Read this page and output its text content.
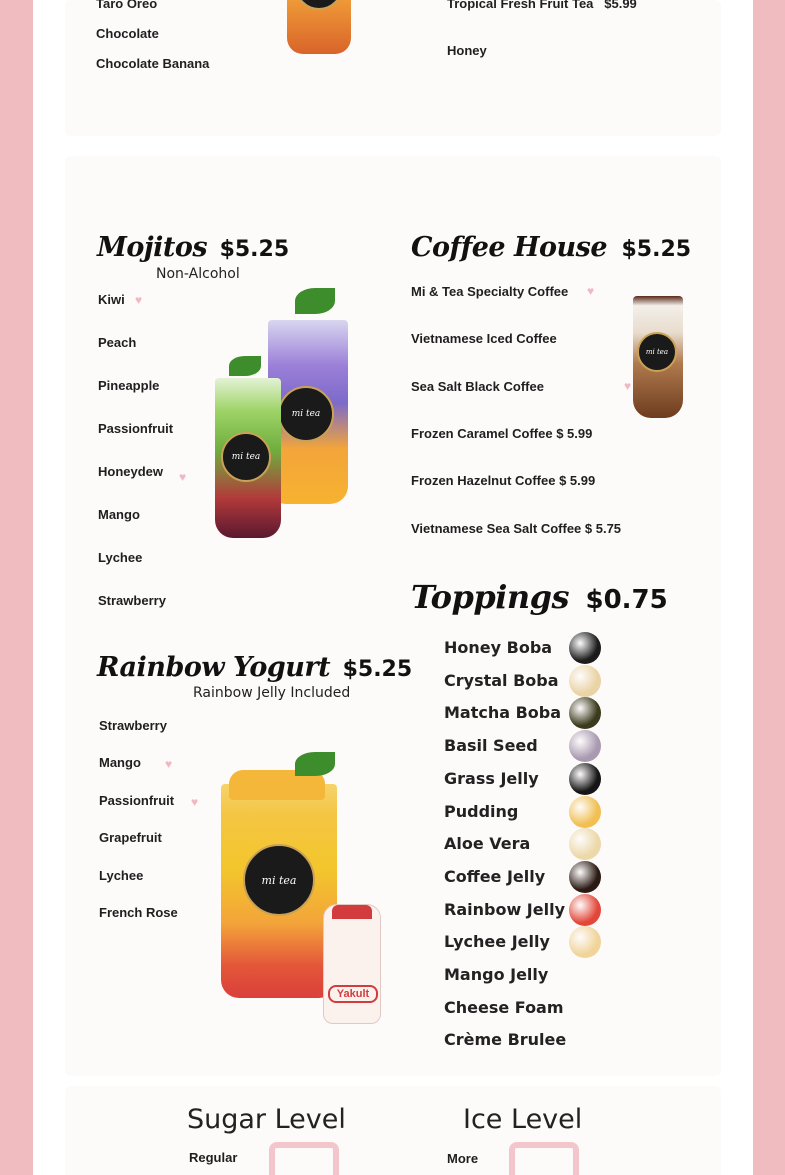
Taro Oreo
Chocolate
Chocolate Banana
Tropical Fresh Fruit Tea $5.99
Honey
Mojitos $5.25
Non-Alcohol
Kiwi ♥
Peach
Pineapple
Passionfruit
Honeydew ♥
Mango
Lychee
Strawberry
mi tea
mi tea
Coffee House $5.25
Mi & Tea Specialty Coffee ♥
Vietnamese Iced Coffee
Sea Salt Black Coffee	♥
Frozen Caramel Coffee $ 5.99
Frozen Hazelnut Coffee $ 5.99
Vietnamese Sea Salt Coffee $ 5.75
mi tea
Rainbow Yogurt $5.25
Rainbow Jelly Included
Strawberry
Mango ♥
Passionfruit ♥
Grapefruit
Lychee
French Rose
mi tea
Yakult
Toppings $0.75
Honey Boba
Crystal Boba
Matcha Boba
Basil Seed
Grass Jelly
Pudding
Aloe Vera
Coffee Jelly
Rainbow Jelly
Lychee Jelly
Mango Jelly
Cheese Foam
Crème Brulee
Sugar Level
Regular
Ice Level
More
